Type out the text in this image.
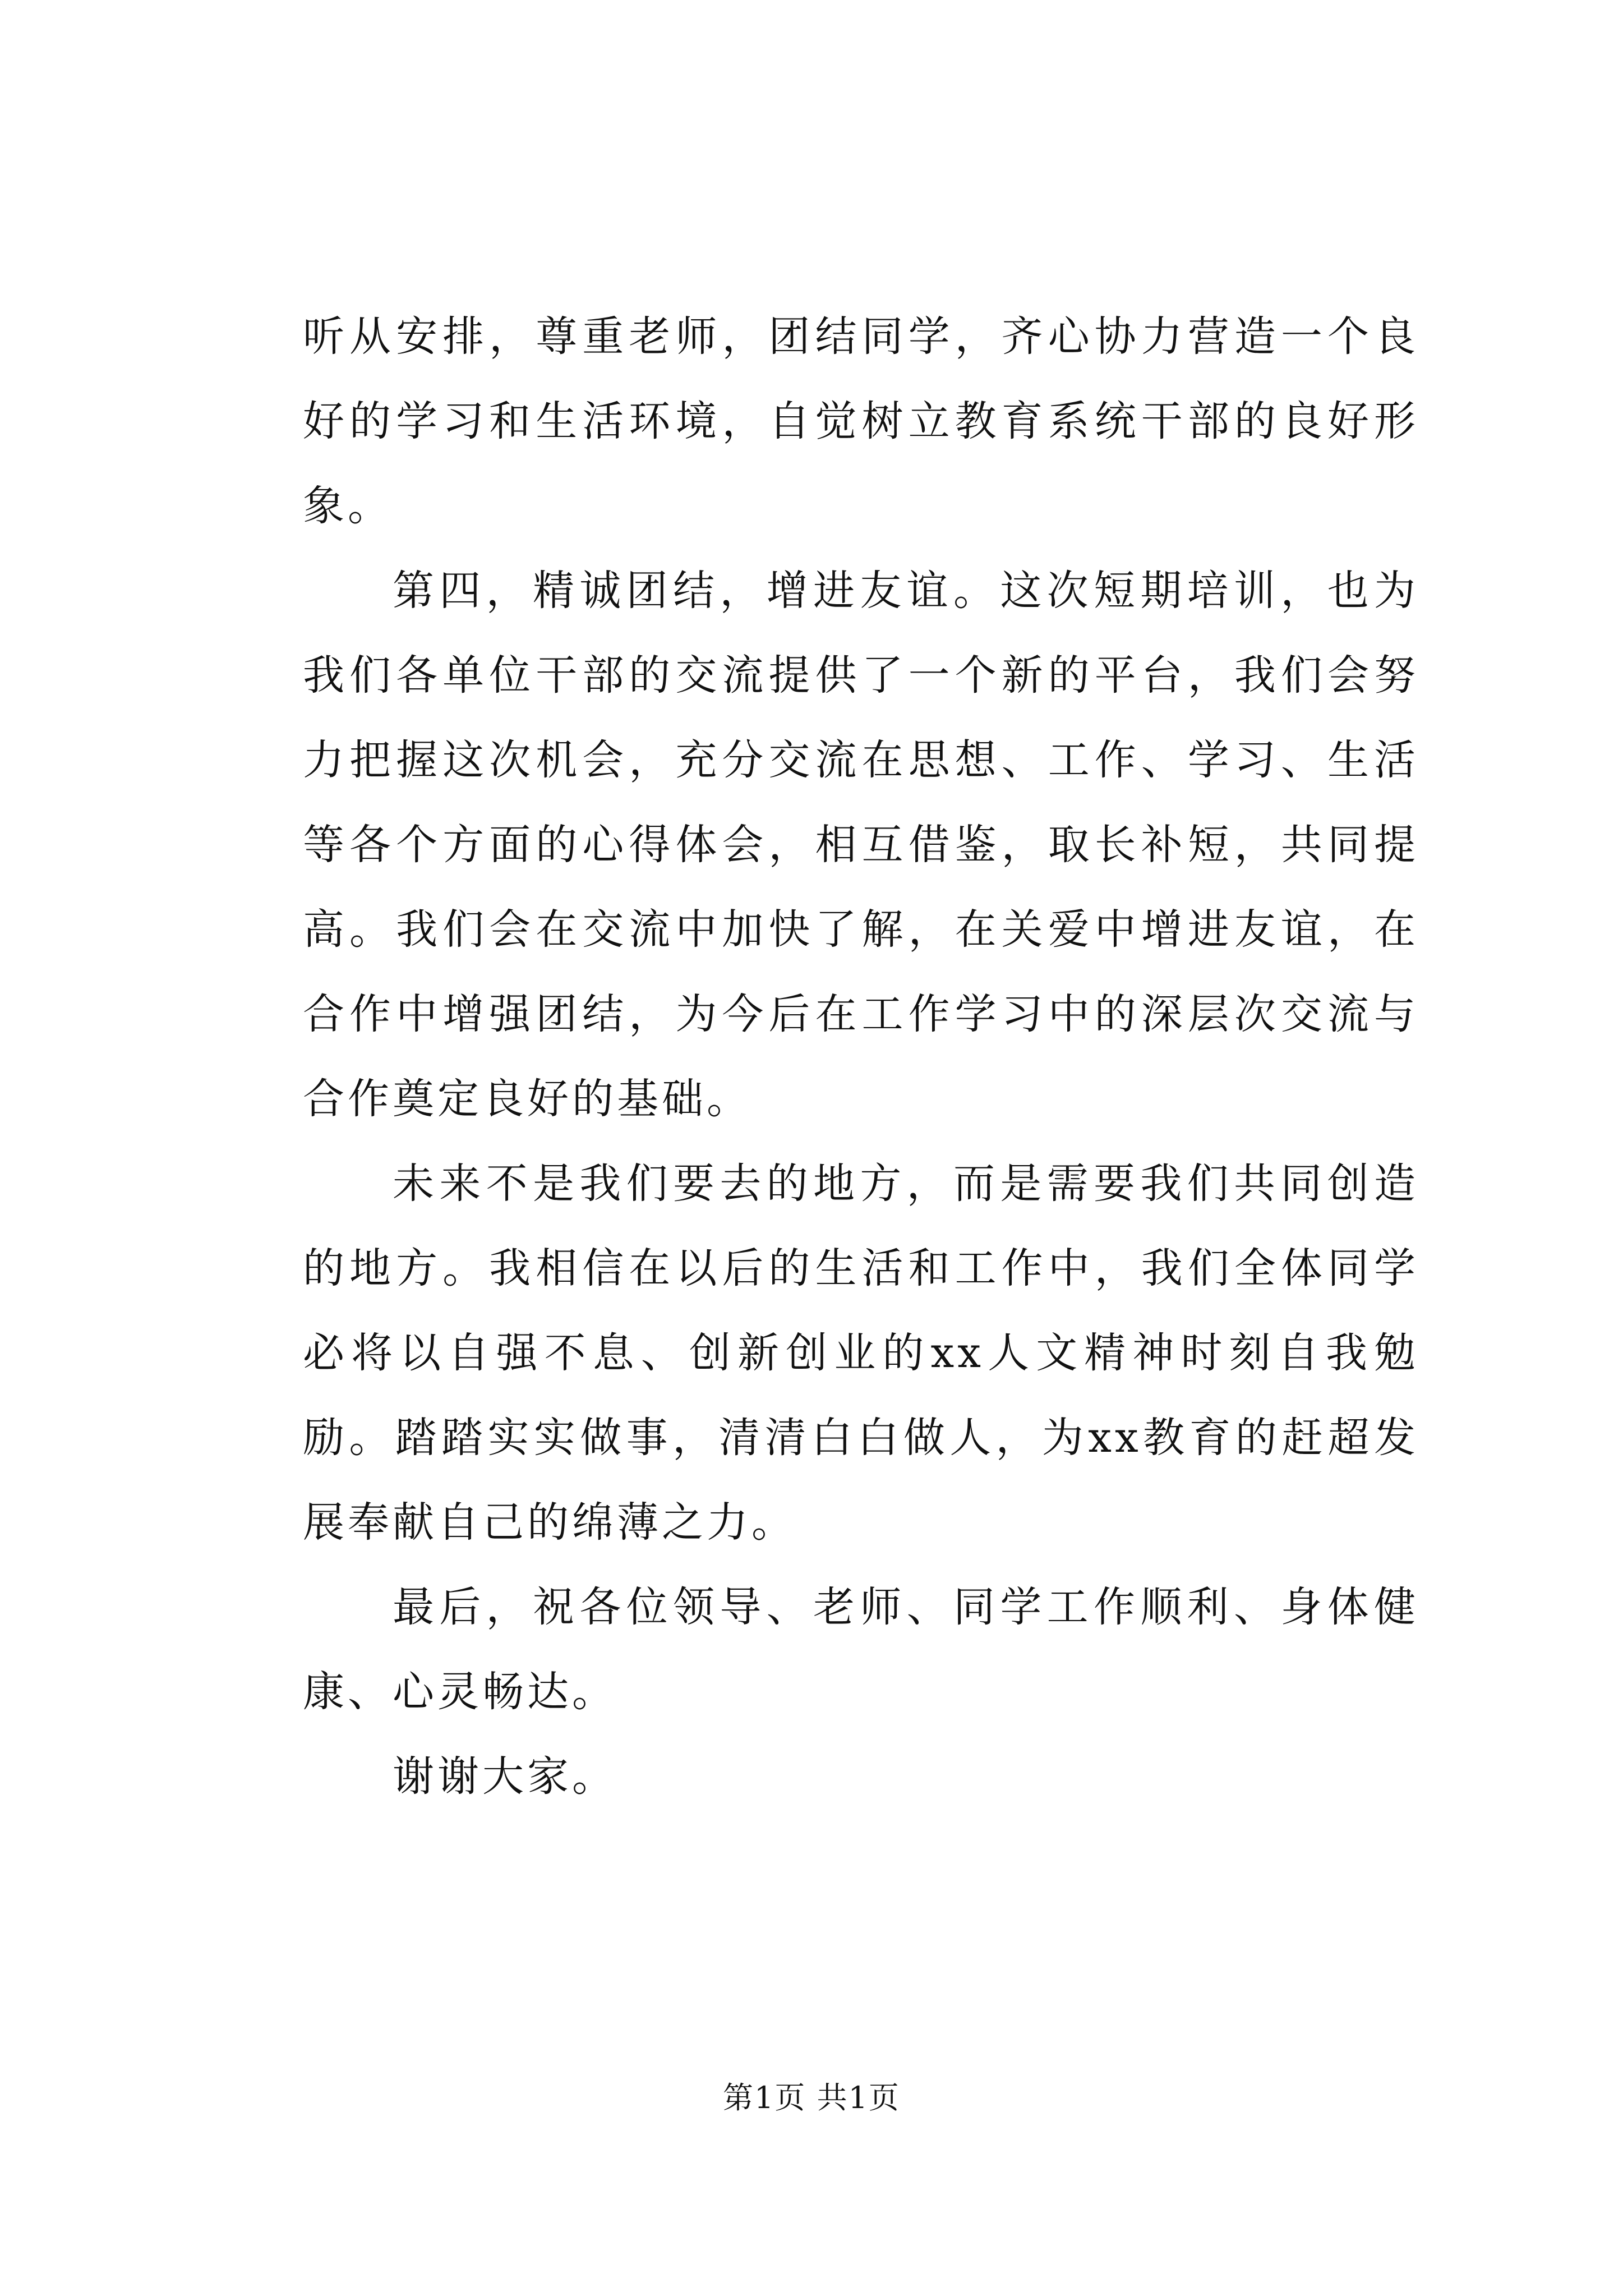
听从安排，尊重老师，团结同学，齐心协力营造一个良好的学习和生活环境，自觉树立教育系统干部的良好形象。

第四，精诚团结，增进友谊。这次短期培训，也为我们各单位干部的交流提供了一个新的平台，我们会努力把握这次机会，充分交流在思想、工作、学习、生活等各个方面的心得体会，相互借鉴，取长补短，共同提高。我们会在交流中加快了解，在关爱中增进友谊，在合作中增强团结，为今后在工作学习中的深层次交流与合作奠定良好的基础。

未来不是我们要去的地方，而是需要我们共同创造的地方。我相信在以后的生活和工作中，我们全体同学必将以自强不息、创新创业的xx人文精神时刻自我勉励。踏踏实实做事，清清白白做人，为xx教育的赶超发展奉献自己的绵薄之力。

最后，祝各位领导、老师、同学工作顺利、身体健康、心灵畅达。

谢谢大家。

第1页 共1页
